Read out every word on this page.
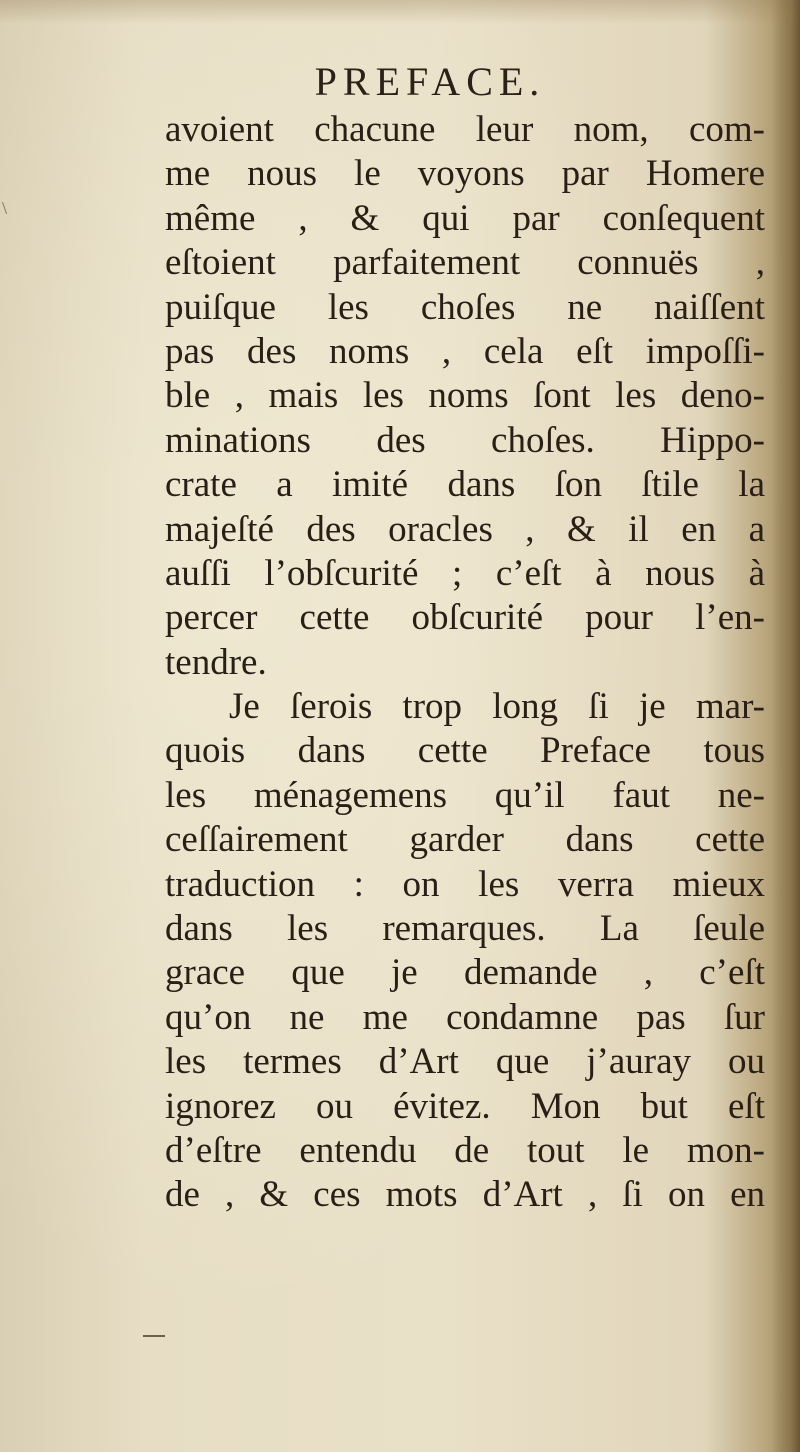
\
PREFACE.
avoient chacune leur nom, com-
me nous le voyons par Homere
même , & qui par conſequent
eſtoient parfaitement connuës ,
puiſque les choſes ne naiſſent
pas des noms , cela eſt impoſſi-
ble , mais les noms ſont les deno-
minations des choſes. Hippo-
crate a imité dans ſon ſtile la
majeſté des oracles , & il en a
auſſi l’obſcurité ; c’eſt à nous à
percer cette obſcurité pour l’en-
tendre.
Je ſerois trop long ſi je mar-
quois dans cette Preface tous
les ménagemens qu’il faut ne-
ceſſairement garder dans cette
traduction : on les verra mieux
dans les remarques. La ſeule
grace que je demande , c’eſt
qu’on ne me condamne pas ſur
les termes d’Art que j’auray ou
ignorez ou évitez. Mon but eſt
d’eſtre entendu de tout le mon-
de , & ces mots d’Art , ſi on en
